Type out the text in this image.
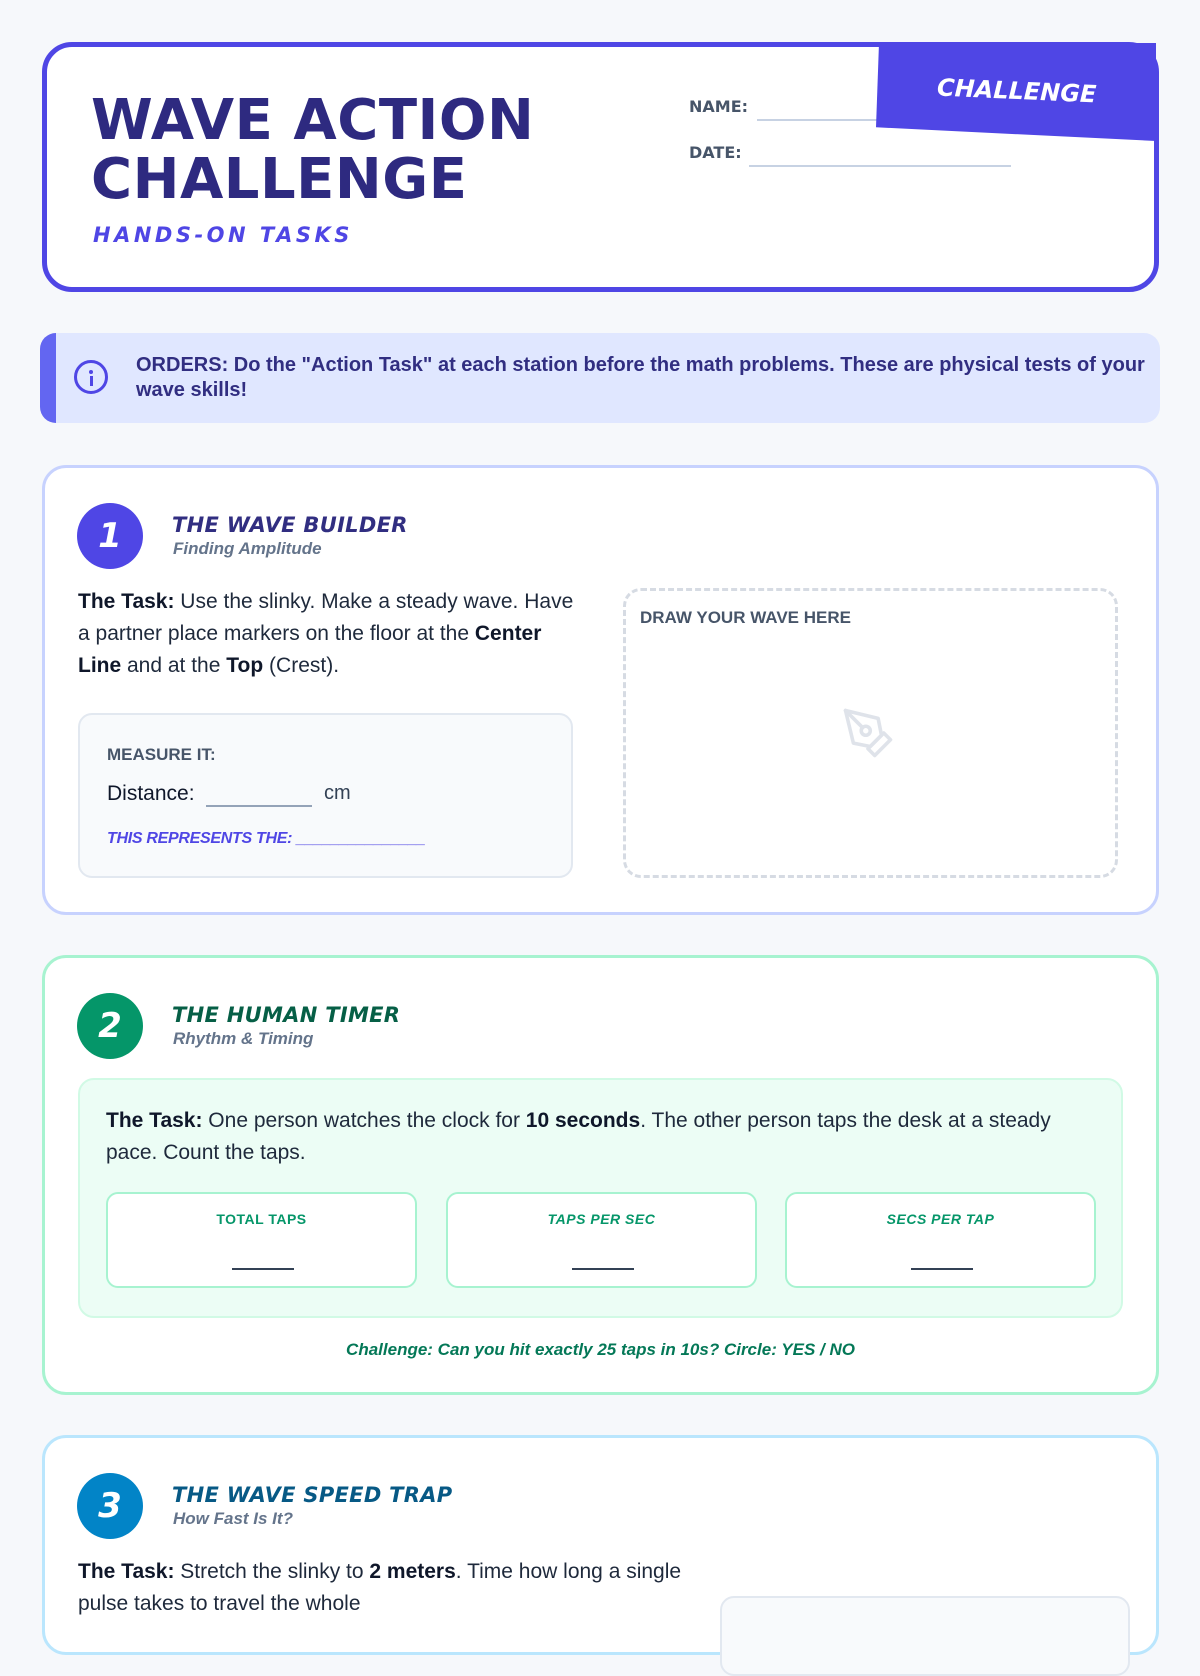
WAVE ACTION
CHALLENGE
HANDS-ON TASKS
NAME:
DATE:
CHALLENGE
ORDERS: Do the "Action Task" at each station before the math problems. These are physical tests of your wave skills!
1	THE WAVE BUILDER
Finding Amplitude
The Task: Use the slinky. Make a steady wave. Have a partner place markers on the floor at the Center Line and at the Top (Crest).
MEASURE IT:
Distance:	cm
THIS REPRESENTS THE: _______________
DRAW YOUR WAVE HERE
2	THE HUMAN TIMER
Rhythm & Timing
The Task: One person watches the clock for 10 seconds. The other person taps the desk at a steady pace. Count the taps.
TOTAL TAPS	TAPS PER SEC	SECS PER TAP
Challenge: Can you hit exactly 25 taps in 10s? Circle: YES / NO
3	THE WAVE SPEED TRAP
How Fast Is It?
The Task: Stretch the slinky to 2 meters. Time how long a single pulse takes to travel the whole
